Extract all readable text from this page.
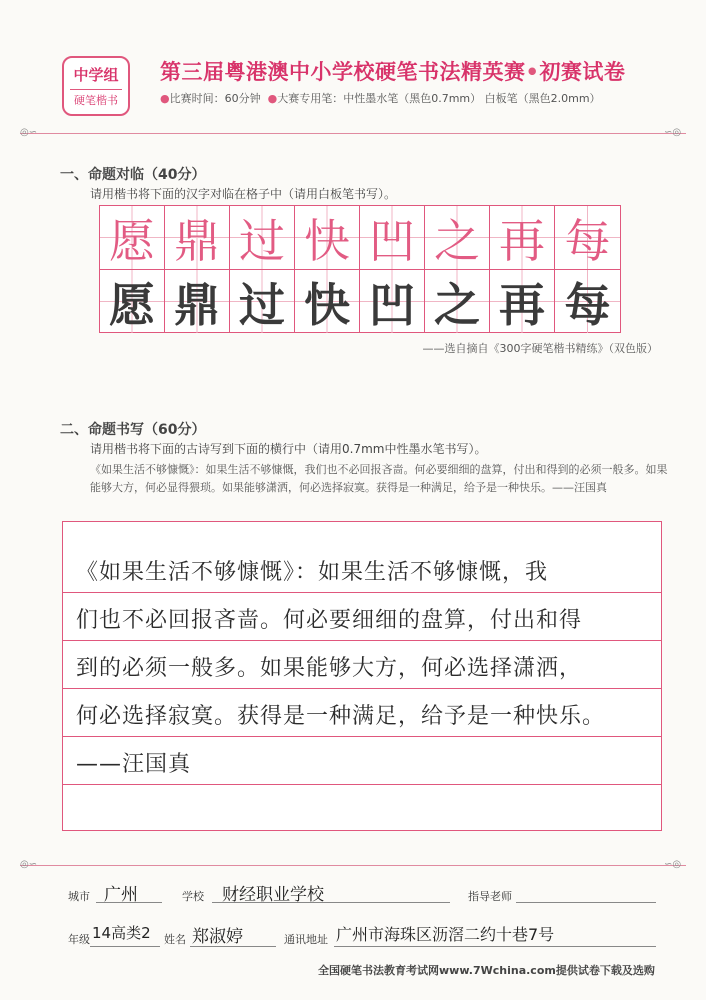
中学组
硬笔楷书
第三届粤港澳中小学校硬笔书法精英赛•初赛试卷
●比赛时间：60分钟 ●大赛专用笔：中性墨水笔（黑色0.7mm） 白板笔（黑色2.0mm）
◎∽	∽◎
一、命题对临（40分）
请用楷书将下面的汉字对临在格子中（请用白板笔书写）。
愿 鼎 过 快 凹 之 再 每
愿 鼎 过 快 凹 之 再 每
——选自摘自《300字硬笔楷书精练》（双色版）
二、命题书写（60分）
请用楷书将下面的古诗写到下面的横行中（请用0.7mm中性墨水笔书写）。
《如果生活不够慷慨》：如果生活不够慷慨，我们也不必回报吝啬。何必要细细的盘算，付出和得到的必须一般多。如果能够大方，何必显得猥琐。如果能够潇洒，何必选择寂寞。获得是一种满足，给予是一种快乐。——汪国真
《如果生活不够慷慨》：如果生活不够慷慨，我
们也不必回报吝啬。何必要细细的盘算，付出和得
到的必须一般多。如果能够大方，何必选择潇洒，
何必选择寂寞。获得是一种满足，给予是一种快乐。
——汪国真
◎∽	∽◎
城市 广州	学校 财经职业学校	指导老师
年级 14高类2 姓名 郑淑婷	通讯地址 广州市海珠区沥滘二约十巷7号
全国硬笔书法教育考试网www.7Wchina.com提供试卷下载及选购
